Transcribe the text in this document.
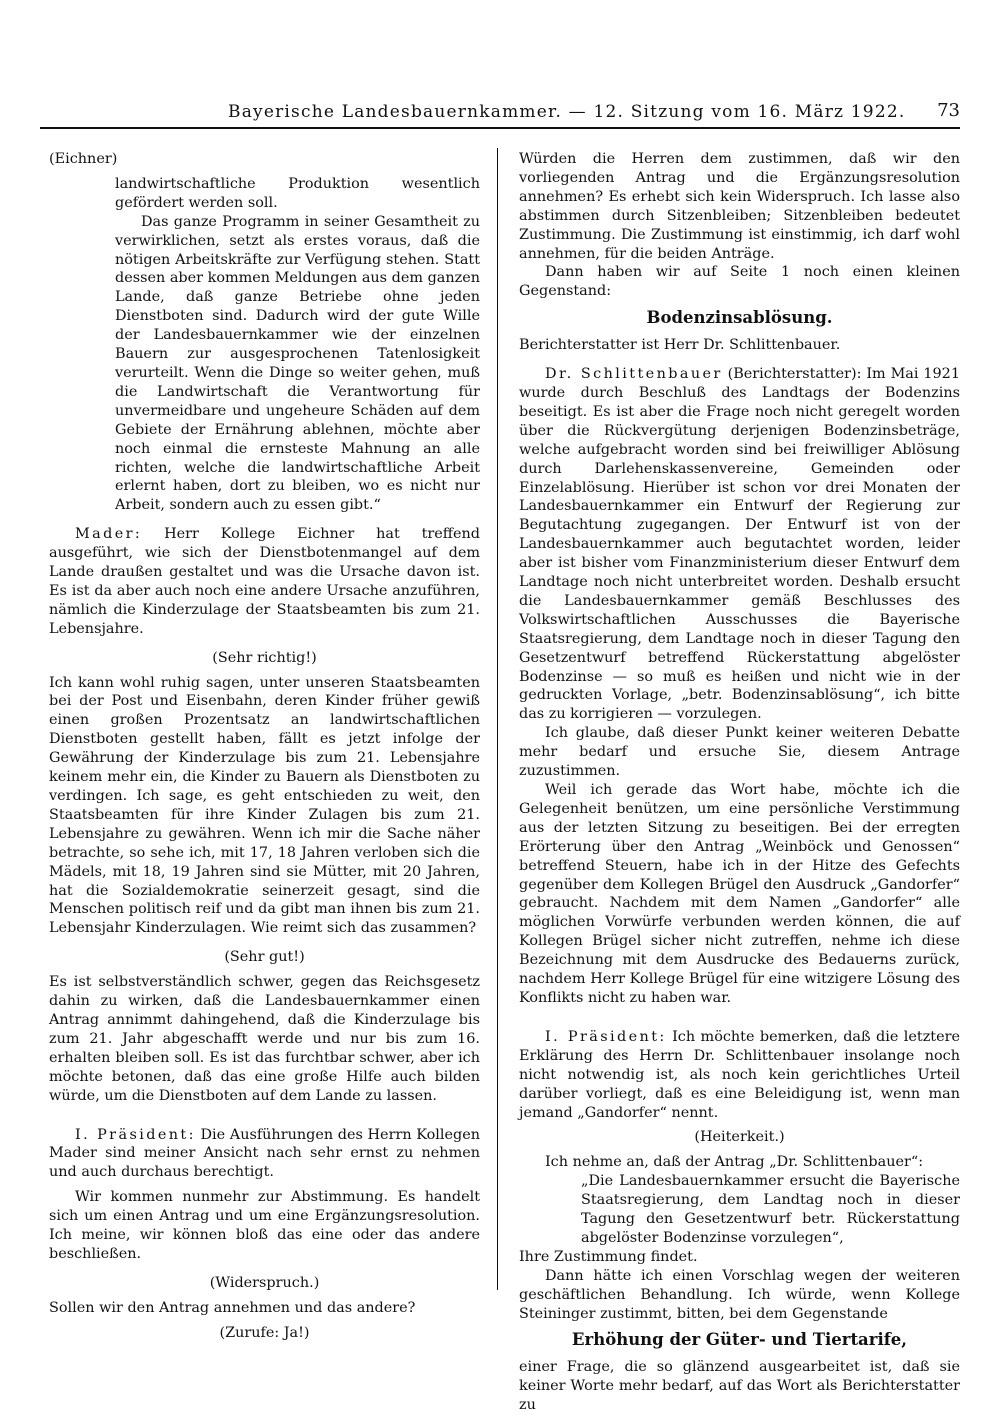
Bayerische Landesbauernkammer. — 12. Sitzung vom 16. März 1922. 73

(Eichner)

landwirtschaftliche Produktion wesentlich gefördert werden soll.

Das ganze Programm in seiner Gesamtheit zu verwirklichen, setzt als erstes voraus, daß die nötigen Arbeitskräfte zur Verfügung stehen. Statt dessen aber kommen Meldungen aus dem ganzen Lande, daß ganze Betriebe ohne jeden Dienstboten sind. Dadurch wird der gute Wille der Landesbauernkammer wie der einzelnen Bauern zur ausgesprochenen Tatenlosigkeit verurteilt. Wenn die Dinge so weiter gehen, muß die Landwirtschaft die Verantwortung für unvermeidbare und ungeheure Schäden auf dem Gebiete der Ernährung ablehnen, möchte aber noch einmal die ernsteste Mahnung an alle richten, welche die landwirtschaftliche Arbeit erlernt haben, dort zu bleiben, wo es nicht nur Arbeit, sondern auch zu essen gibt.“

Mader: Herr Kollege Eichner hat treffend ausgeführt, wie sich der Dienstbotenmangel auf dem Lande draußen gestaltet und was die Ursache davon ist. Es ist da aber auch noch eine andere Ursache anzuführen, nämlich die Kinderzulage der Staatsbeamten bis zum 21. Lebensjahre.

(Sehr richtig!)

Ich kann wohl ruhig sagen, unter unseren Staatsbeamten bei der Post und Eisenbahn, deren Kinder früher gewiß einen großen Prozentsatz an landwirtschaftlichen Dienstboten gestellt haben, fällt es jetzt infolge der Gewährung der Kinderzulage bis zum 21. Lebensjahre keinem mehr ein, die Kinder zu Bauern als Dienstboten zu verdingen. Ich sage, es geht entschieden zu weit, den Staatsbeamten für ihre Kinder Zulagen bis zum 21. Lebensjahre zu gewähren. Wenn ich mir die Sache näher betrachte, so sehe ich, mit 17, 18 Jahren verloben sich die Mädels, mit 18, 19 Jahren sind sie Mütter, mit 20 Jahren, hat die Sozialdemokratie seinerzeit gesagt, sind die Menschen politisch reif und da gibt man ihnen bis zum 21. Lebensjahr Kinderzulagen. Wie reimt sich das zusammen?

(Sehr gut!)

Es ist selbstverständlich schwer, gegen das Reichsgesetz dahin zu wirken, daß die Landesbauernkammer einen Antrag annimmt dahingehend, daß die Kinderzulage bis zum 21. Jahr abgeschafft werde und nur bis zum 16. erhalten bleiben soll. Es ist das furchtbar schwer, aber ich möchte betonen, daß das eine große Hilfe auch bilden würde, um die Dienstboten auf dem Lande zu lassen.

I. Präsident: Die Ausführungen des Herrn Kollegen Mader sind meiner Ansicht nach sehr ernst zu nehmen und auch durchaus berechtigt.

Wir kommen nunmehr zur Abstimmung. Es handelt sich um einen Antrag und um eine Ergänzungsresolution. Ich meine, wir können bloß das eine oder das andere beschließen.

(Widerspruch.)

Sollen wir den Antrag annehmen und das andere?

(Zurufe: Ja!)

Würden die Herren dem zustimmen, daß wir den vorliegenden Antrag und die Ergänzungsresolution annehmen? Es erhebt sich kein Widerspruch. Ich lasse also abstimmen durch Sitzenbleiben; Sitzenbleiben bedeutet Zustimmung. Die Zustimmung ist einstimmig, ich darf wohl annehmen, für die beiden Anträge.

Dann haben wir auf Seite 1 noch einen kleinen Gegenstand:

Bodenzinsablösung.

Berichterstatter ist Herr Dr. Schlittenbauer.

Dr. Schlittenbauer (Berichterstatter): Im Mai 1921 wurde durch Beschluß des Landtags der Bodenzins beseitigt. Es ist aber die Frage noch nicht geregelt worden über die Rückvergütung derjenigen Bodenzinsbeträge, welche aufgebracht worden sind bei freiwilliger Ablösung durch Darlehenskassenvereine, Gemeinden oder Einzelablösung. Hierüber ist schon vor drei Monaten der Landesbauernkammer ein Entwurf der Regierung zur Begutachtung zugegangen. Der Entwurf ist von der Landesbauernkammer auch begutachtet worden, leider aber ist bisher vom Finanzministerium dieser Entwurf dem Landtage noch nicht unterbreitet worden. Deshalb ersucht die Landesbauernkammer gemäß Beschlusses des Volkswirtschaftlichen Ausschusses die Bayerische Staatsregierung, dem Landtage noch in dieser Tagung den Gesetzentwurf betreffend Rückerstattung abgelöster Bodenzinse — so muß es heißen und nicht wie in der gedruckten Vorlage, „betr. Bodenzinsablösung“, ich bitte das zu korrigieren — vorzulegen.

Ich glaube, daß dieser Punkt keiner weiteren Debatte mehr bedarf und ersuche Sie, diesem Antrage zuzustimmen.

Weil ich gerade das Wort habe, möchte ich die Gelegenheit benützen, um eine persönliche Verstimmung aus der letzten Sitzung zu beseitigen. Bei der erregten Erörterung über den Antrag „Weinböck und Genossen“ betreffend Steuern, habe ich in der Hitze des Gefechts gegenüber dem Kollegen Brügel den Ausdruck „Gandorfer“ gebraucht. Nachdem mit dem Namen „Gandorfer“ alle möglichen Vorwürfe verbunden werden können, die auf Kollegen Brügel sicher nicht zutreffen, nehme ich diese Bezeichnung mit dem Ausdrucke des Bedauerns zurück, nachdem Herr Kollege Brügel für eine witzigere Lösung des Konflikts nicht zu haben war.

I. Präsident: Ich möchte bemerken, daß die letztere Erklärung des Herrn Dr. Schlittenbauer insolange noch nicht notwendig ist, als noch kein gerichtliches Urteil darüber vorliegt, daß es eine Beleidigung ist, wenn man jemand „Gandorfer“ nennt.

(Heiterkeit.)

Ich nehme an, daß der Antrag „Dr. Schlittenbauer“:

„Die Landesbauernkammer ersucht die Bayerische Staatsregierung, dem Landtag noch in dieser Tagung den Gesetzentwurf betr. Rückerstattung abgelöster Bodenzinse vorzulegen“,

Ihre Zustimmung findet.

Dann hätte ich einen Vorschlag wegen der weiteren geschäftlichen Behandlung. Ich würde, wenn Kollege Steininger zustimmt, bitten, bei dem Gegenstande

Erhöhung der Güter- und Tiertarife,

einer Frage, die so glänzend ausgearbeitet ist, daß sie keiner Worte mehr bedarf, auf das Wort als Berichterstatter zu
